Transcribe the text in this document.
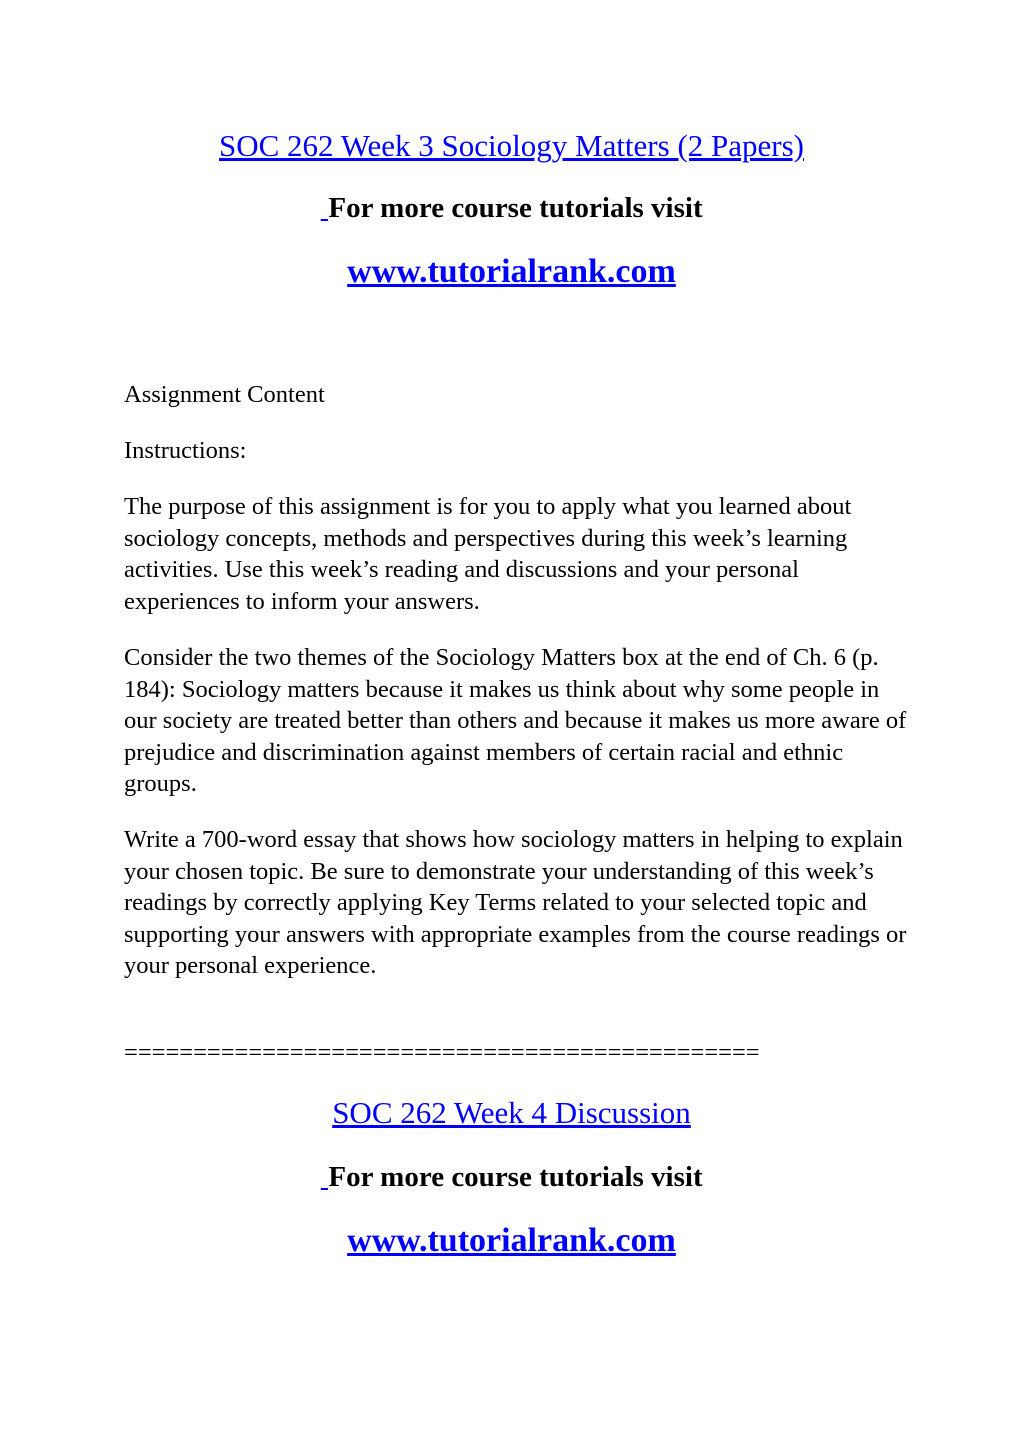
SOC 262 Week 3 Sociology Matters (2 Papers)
For more course tutorials visit
www.tutorialrank.com

Assignment Content

Instructions:

The purpose of this assignment is for you to apply what you learned about sociology concepts, methods and perspectives during this week’s learning activities. Use this week’s reading and discussions and your personal experiences to inform your answers.

Consider the two themes of the Sociology Matters box at the end of Ch. 6 (p. 184): Sociology matters because it makes us think about why some people in our society are treated better than others and because it makes us more aware of prejudice and discrimination against members of certain racial and ethnic groups.

Write a 700-word essay that shows how sociology matters in helping to explain your chosen topic. Be sure to demonstrate your understanding of this week’s readings by correctly applying Key Terms related to your selected topic and supporting your answers with appropriate examples from the course readings or your personal experience.

==============================================

SOC 262 Week 4 Discussion
For more course tutorials visit
www.tutorialrank.com
